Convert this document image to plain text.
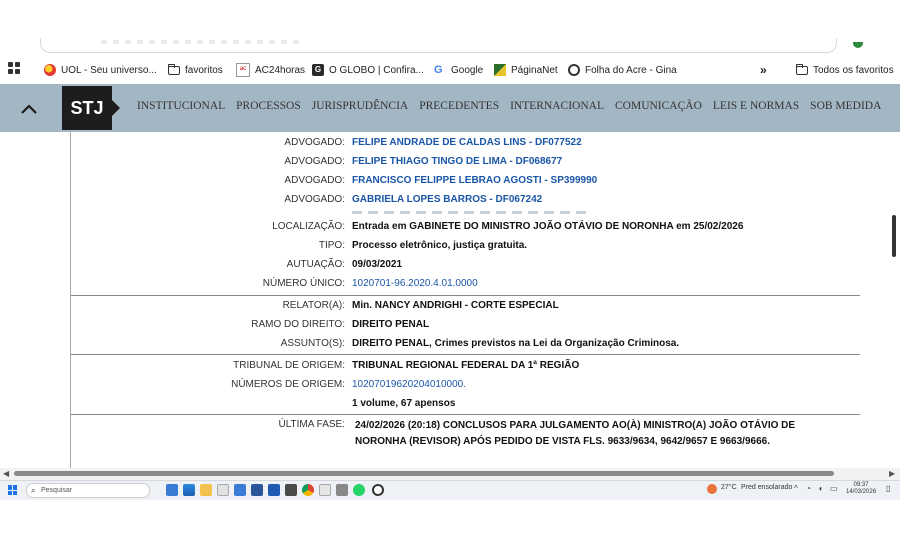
UOL - Seu universo...	favoritos	ac AC24horas	G O GLOBO | Confira... G Google	PáginaNet	Folha do Acre - Gina	»	Todos os favoritos
STJ	INSTITUCIONAL PROCESSOS JURISPRUDÊNCIA PRECEDENTES INTERNACIONAL COMUNICAÇÃO LEIS E NORMAS SOB MEDIDA
ADVOGADO: FELIPE ANDRADE DE CALDAS LINS - DF077522
ADVOGADO: FELIPE THIAGO TINGO DE LIMA - DF068677
ADVOGADO: FRANCISCO FELIPPE LEBRAO AGOSTI - SP399990
ADVOGADO: GABRIELA LOPES BARROS - DF067242
LOCALIZAÇÃO: Entrada em GABINETE DO MINISTRO JOÃO OTÁVIO DE NORONHA em 25/02/2026
TIPO: Processo eletrônico, justiça gratuita.
AUTUAÇÃO: 09/03/2021
NÚMERO ÚNICO: 1020701-96.2020.4.01.0000
RELATOR(A): Min. NANCY ANDRIGHI - CORTE ESPECIAL
RAMO DO DIREITO: DIREITO PENAL
ASSUNTO(S): DIREITO PENAL, Crimes previstos na Lei da Organização Criminosa.
TRIBUNAL DE ORIGEM: TRIBUNAL REGIONAL FEDERAL DA 1ª REGIÃO
NÚMEROS DE ORIGEM: 10207019620204010000.
1 volume, 67 apensos
ÚLTIMA FASE: 24/02/2026 (20:18) CONCLUSOS PARA JULGAMENTO AO(À) MINISTRO(A) JOÃO OTÁVIO DE NORONHA (REVISOR) APÓS PEDIDO DE VISTA FLS. 9633/9634, 9642/9657 E 9663/9666.
◀	▶
⌕ Pesquisar	27°C Pred ensolarado ^ ◔ ◖ ▭	09:37
14/03/2026 ▯
